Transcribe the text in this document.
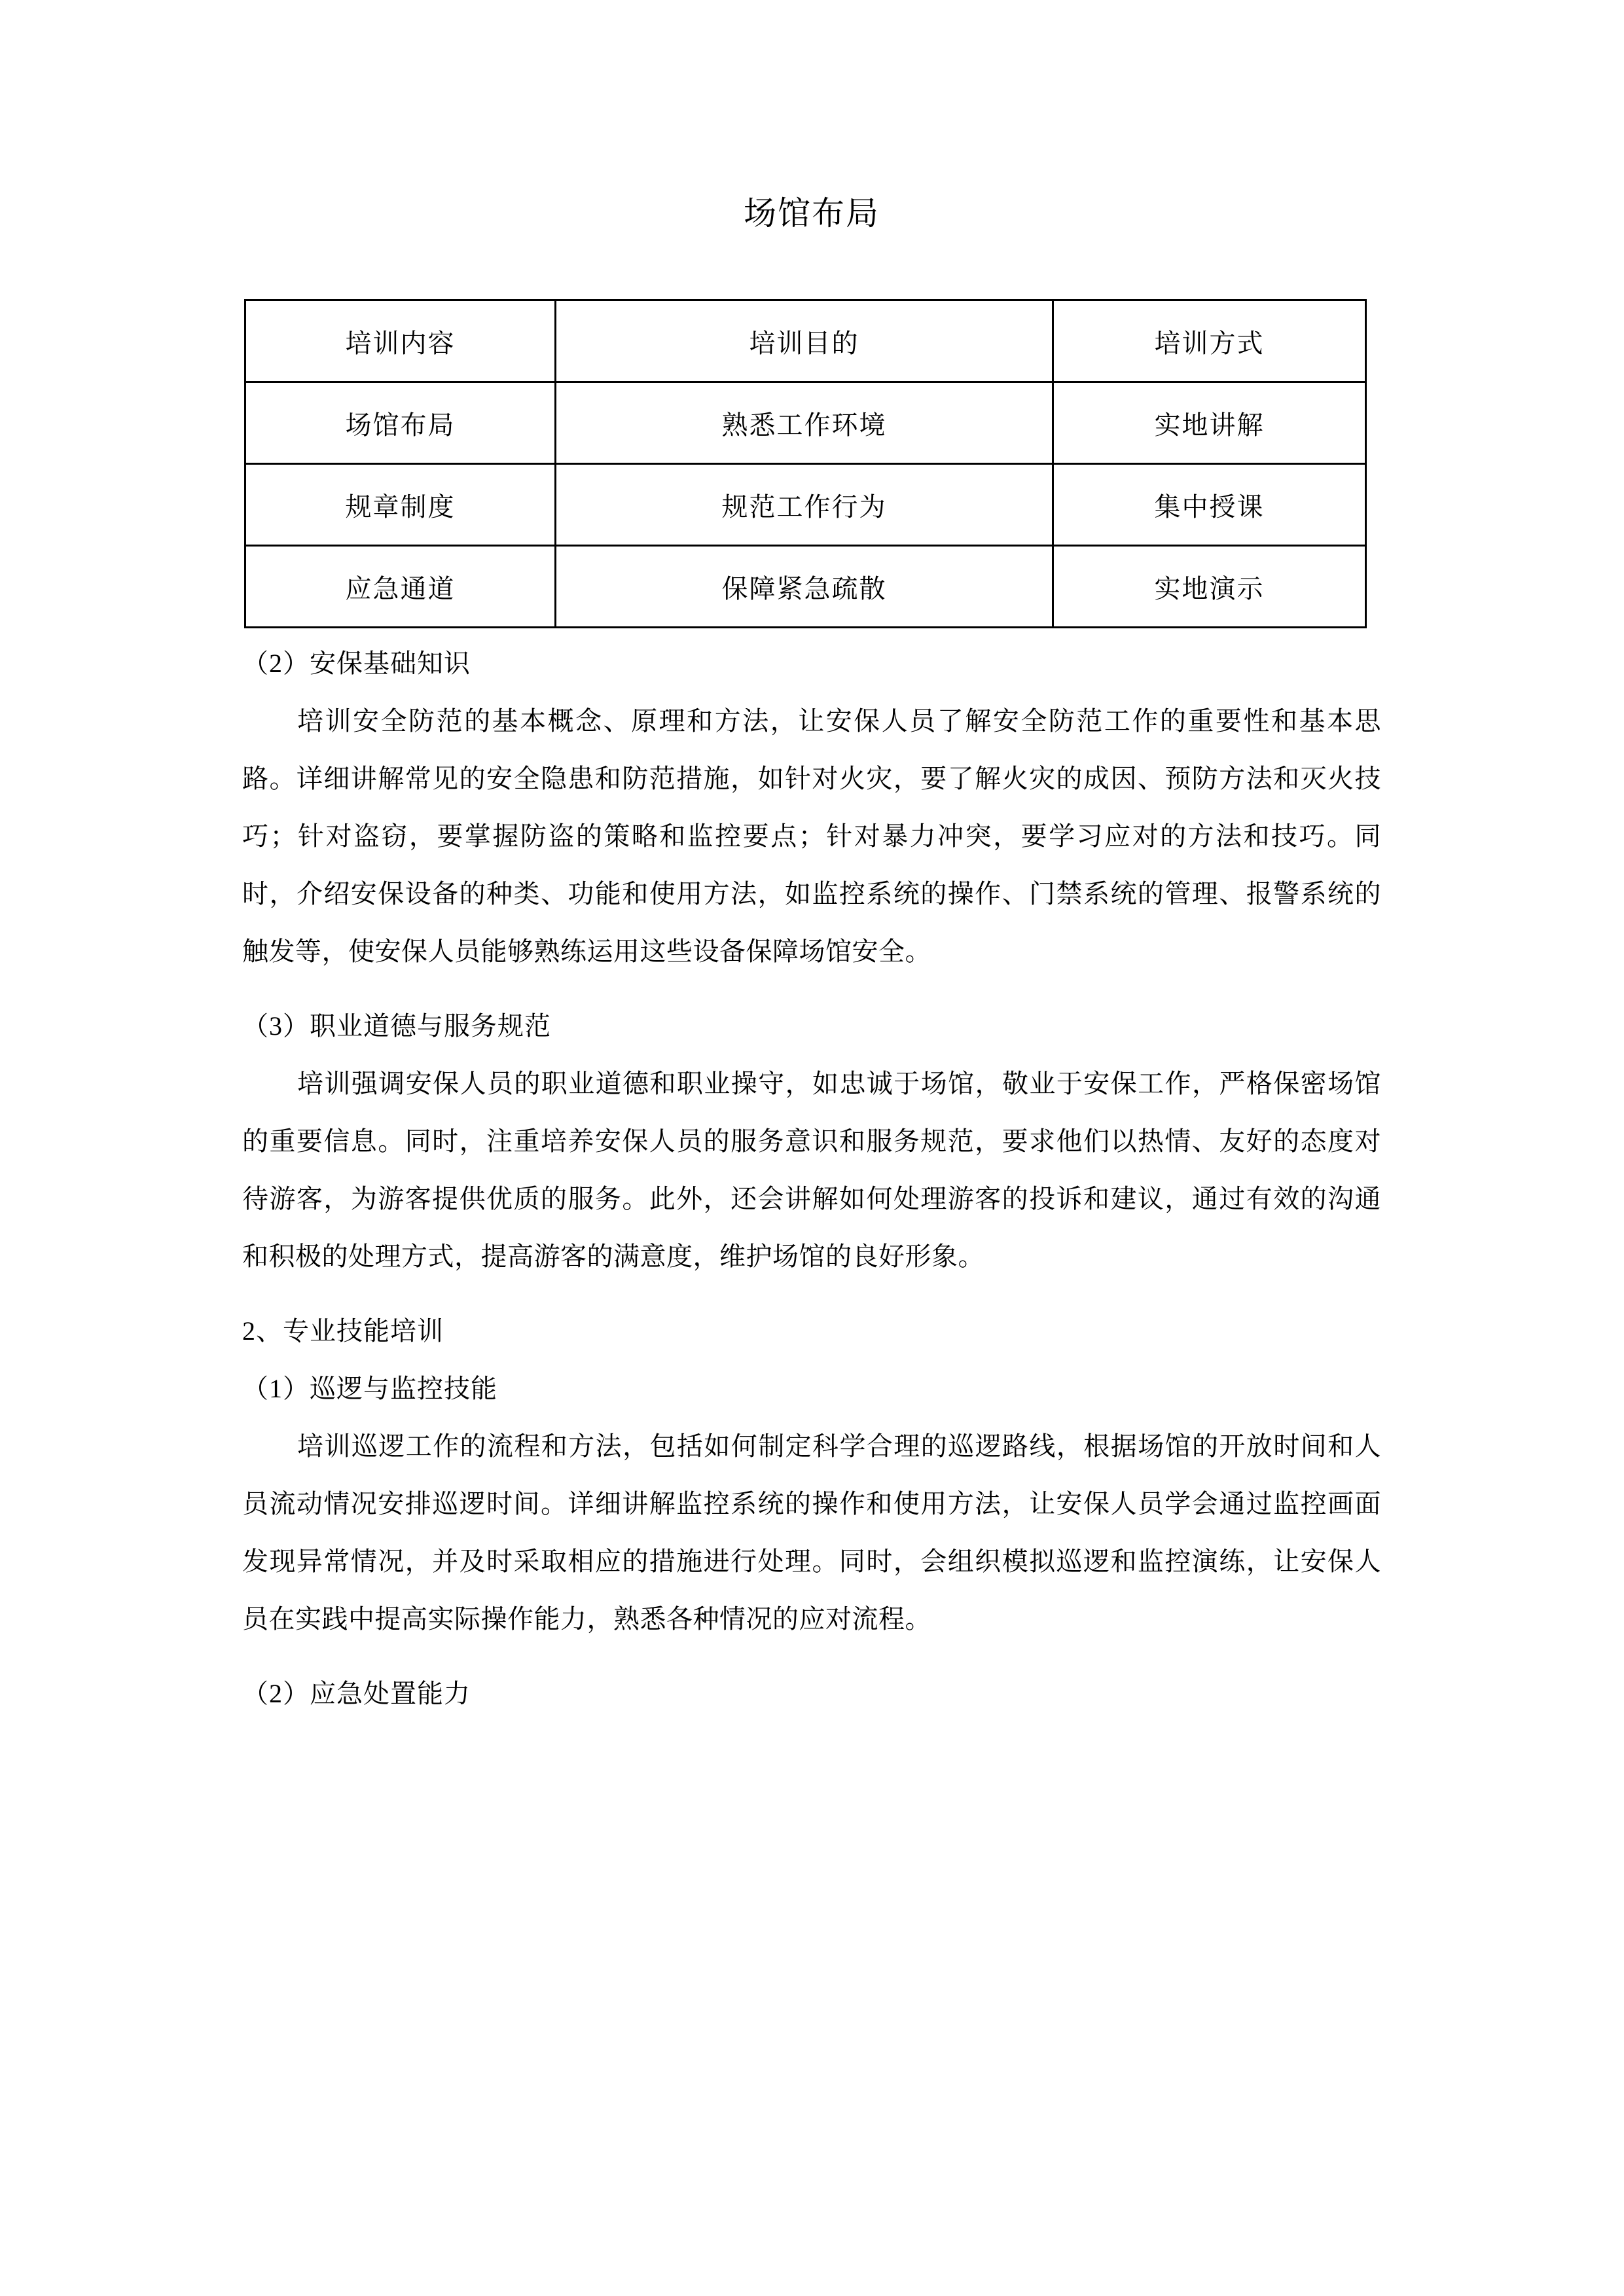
场馆布局
培训内容	培训目的	培训方式
场馆布局	熟悉工作环境	实地讲解
规章制度	规范工作行为	集中授课
应急通道	保障紧急疏散	实地演示

（2）安保基础知识

培训安全防范的基本概念、原理和方法，让安保人员了解安全防范工作的重要性和基本思路。详细讲解常见的安全隐患和防范措施，如针对火灾，要了解火灾的成因、预防方法和灭火技巧；针对盗窃，要掌握防盗的策略和监控要点；针对暴力冲突，要学习应对的方法和技巧。同时，介绍安保设备的种类、功能和使用方法，如监控系统的操作、门禁系统的管理、报警系统的触发等，使安保人员能够熟练运用这些设备保障场馆安全。

（3）职业道德与服务规范

培训强调安保人员的职业道德和职业操守，如忠诚于场馆，敬业于安保工作，严格保密场馆的重要信息。同时，注重培养安保人员的服务意识和服务规范，要求他们以热情、友好的态度对待游客，为游客提供优质的服务。此外，还会讲解如何处理游客的投诉和建议，通过有效的沟通和积极的处理方式，提高游客的满意度，维护场馆的良好形象。

2、专业技能培训

（1）巡逻与监控技能

培训巡逻工作的流程和方法，包括如何制定科学合理的巡逻路线，根据场馆的开放时间和人员流动情况安排巡逻时间。详细讲解监控系统的操作和使用方法，让安保人员学会通过监控画面发现异常情况，并及时采取相应的措施进行处理。同时，会组织模拟巡逻和监控演练，让安保人员在实践中提高实际操作能力，熟悉各种情况的应对流程。

（2）应急处置能力
